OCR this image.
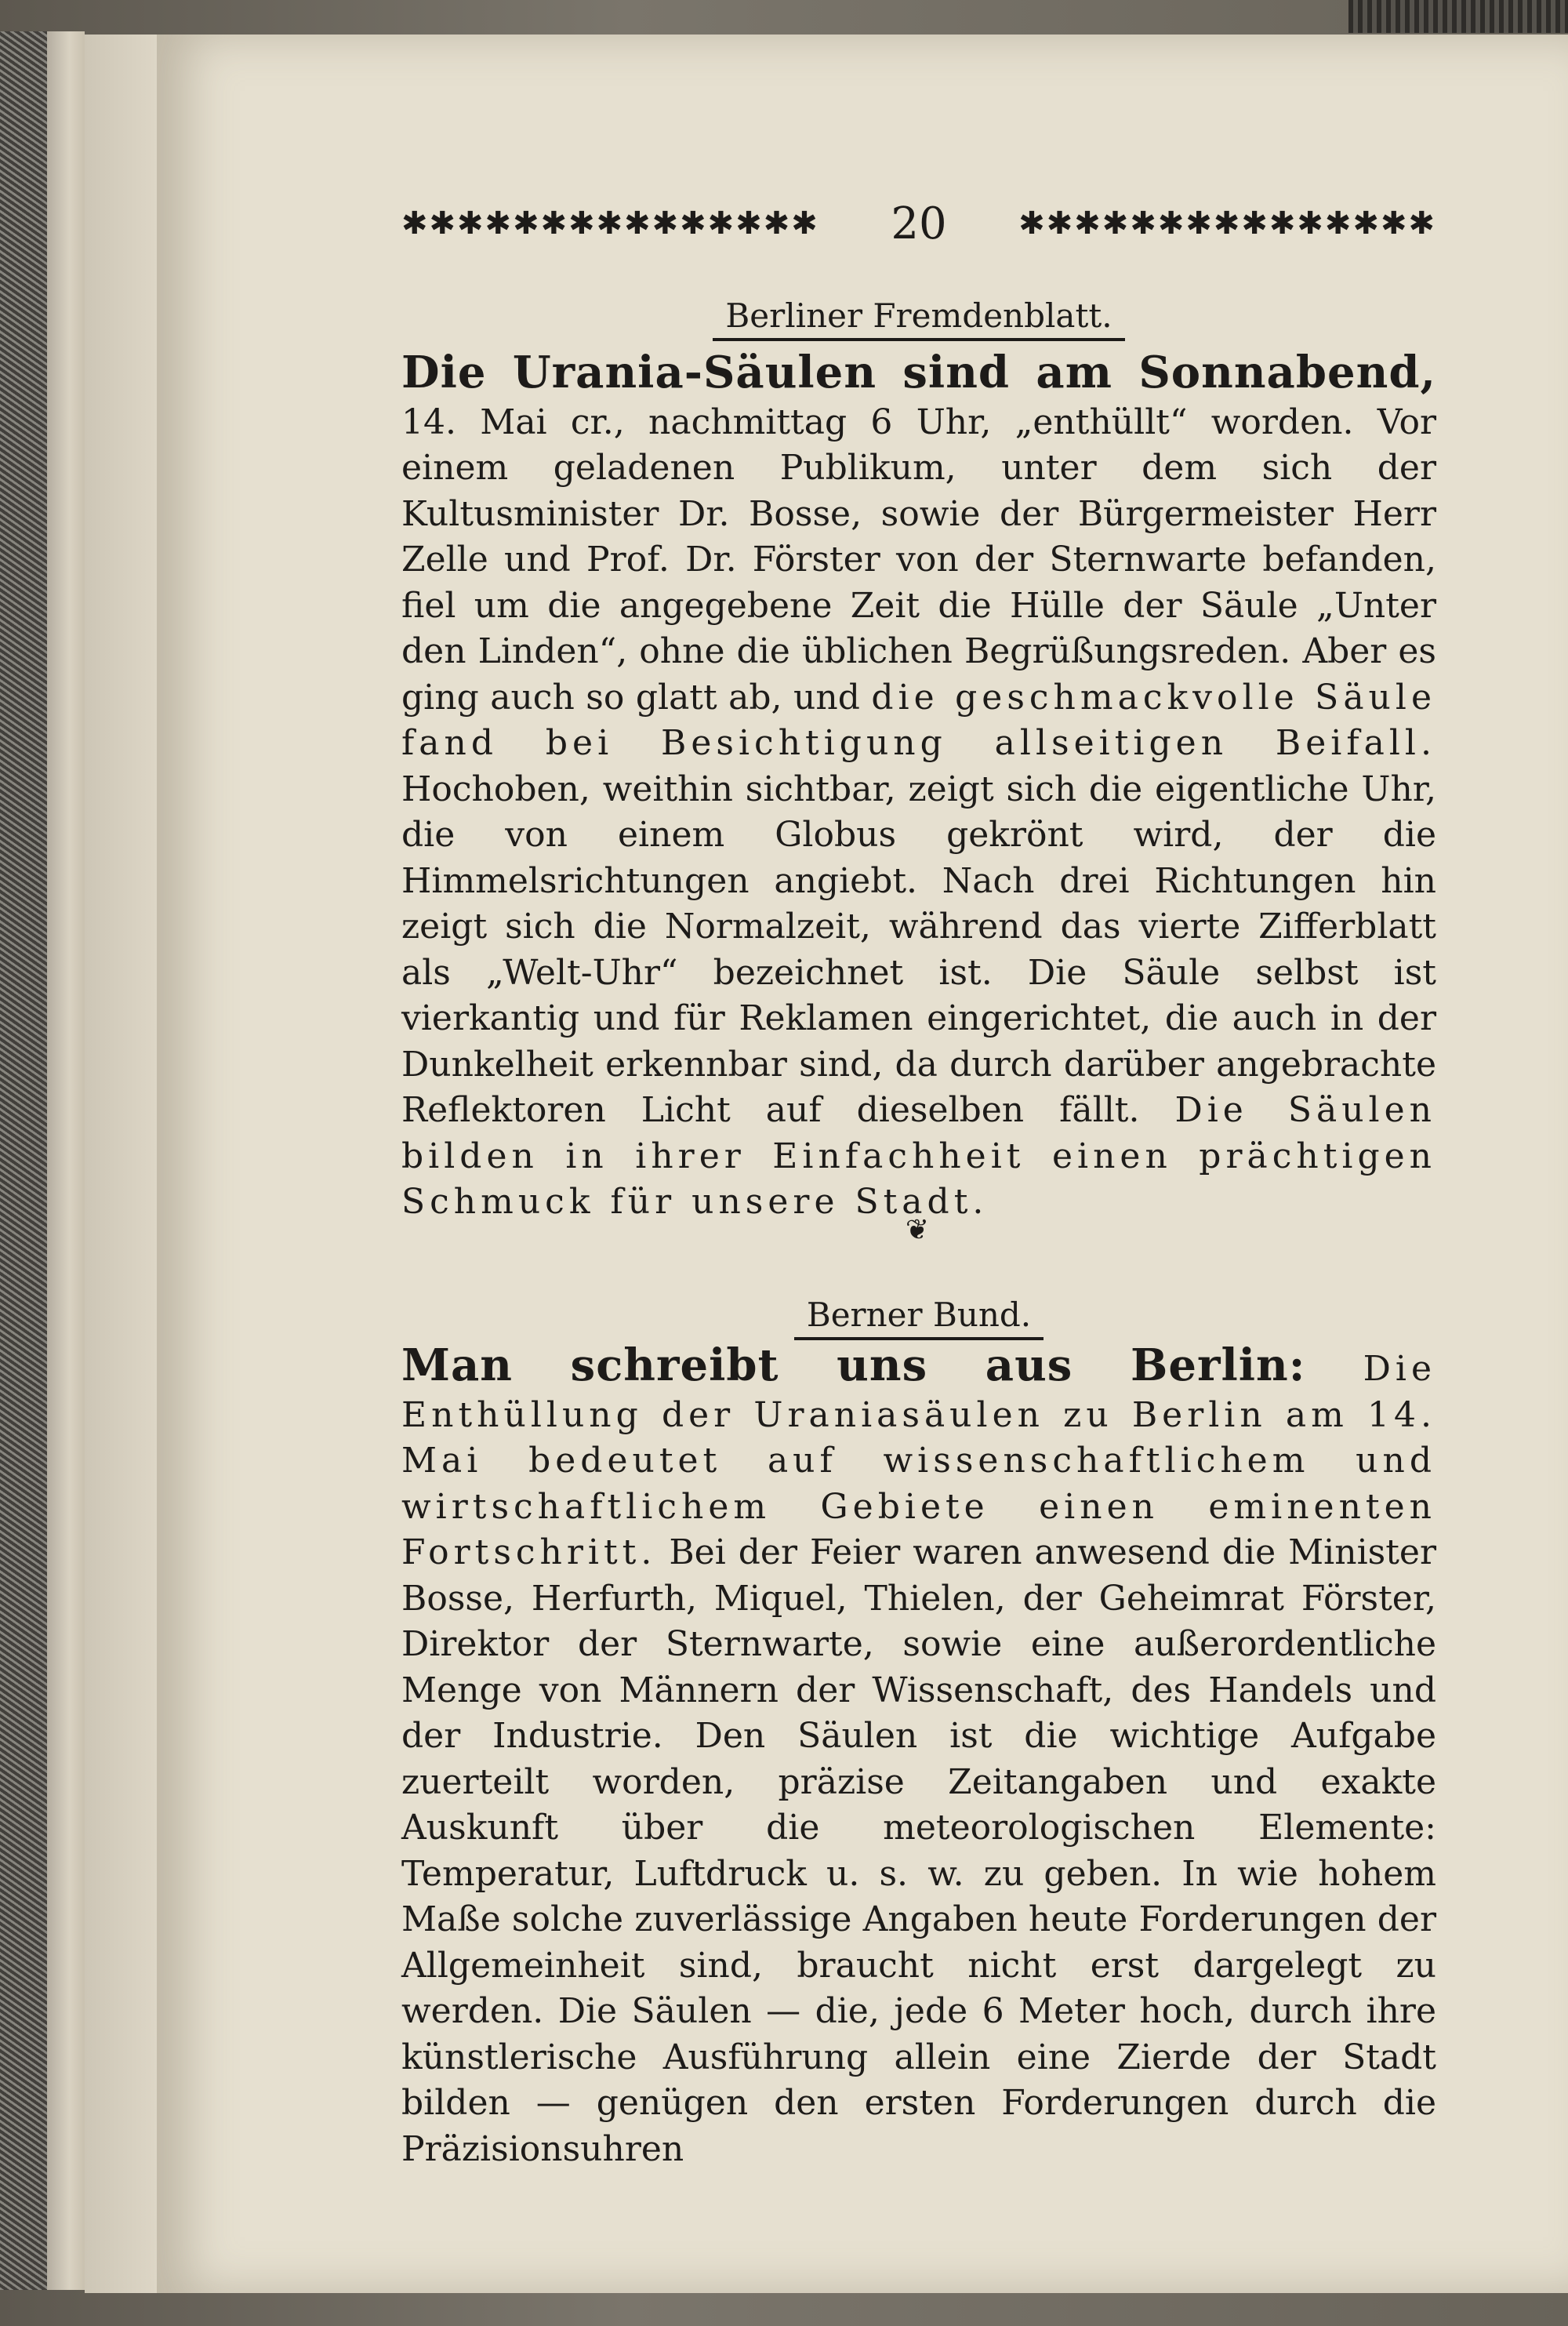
✱✱✱✱✱✱✱✱✱✱✱✱✱✱✱	20	✱✱✱✱✱✱✱✱✱✱✱✱✱✱✱
Berliner Fremdenblatt.
Die Urania-Säulen sind am Sonnabend, 14. Mai cr., nachmittag 6 Uhr, „enthüllt“ worden. Vor einem geladenen Publikum, unter dem sich der Kultusminister Dr. Bosse, sowie der Bürgermeister Herr Zelle und Prof. Dr. Förster von der Sternwarte befanden, fiel um die angegebene Zeit die Hülle der Säule „Unter den Linden“, ohne die üblichen Begrüßungsreden. Aber es ging auch so glatt ab, und die geschmackvolle Säule fand bei Besichtigung allseitigen Beifall. Hochoben, weithin sichtbar, zeigt sich die eigentliche Uhr, die von einem Globus gekrönt wird, der die Himmelsrichtungen angiebt. Nach drei Richtungen hin zeigt sich die Normalzeit, während das vierte Zifferblatt als „Welt-Uhr“ bezeichnet ist. Die Säule selbst ist vierkantig und für Reklamen eingerichtet, die auch in der Dunkelheit erkennbar sind, da durch darüber angebrachte Reflektoren Licht auf dieselben fällt. Die Säulen bilden in ihrer Einfachheit einen prächtigen Schmuck für unsere Stadt.
❦
Berner Bund.
Man schreibt uns aus Berlin: Die Enthüllung der Uraniasäulen zu Berlin am 14. Mai bedeutet auf wissenschaftlichem und wirtschaftlichem Gebiete einen eminenten Fortschritt. Bei der Feier waren anwesend die Minister Bosse, Herfurth, Miquel, Thielen, der Geheimrat Förster, Direktor der Sternwarte, sowie eine außerordentliche Menge von Männern der Wissenschaft, des Handels und der Industrie. Den Säulen ist die wichtige Aufgabe zuerteilt worden, präzise Zeitangaben und exakte Auskunft über die meteorologischen Elemente: Temperatur, Luftdruck u. s. w. zu geben. In wie hohem Maße solche zuverlässige Angaben heute Forderungen der Allgemeinheit sind, braucht nicht erst dargelegt zu werden. Die Säulen — die, jede 6 Meter hoch, durch ihre künstlerische Ausführung allein eine Zierde der Stadt bilden — genügen den ersten Forderungen durch die Präzisionsuhren
